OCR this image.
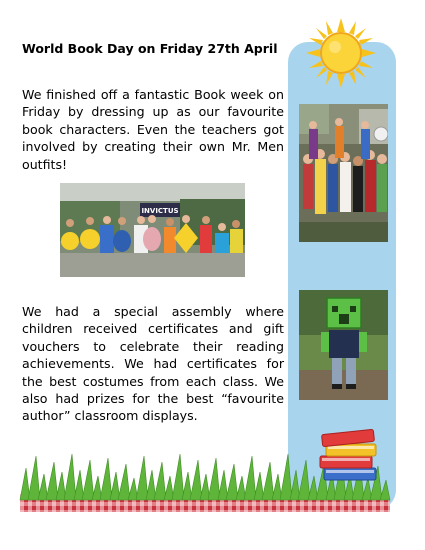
World Book Day on Friday 27th April
We finished off a fantastic Book week on Friday by dressing up as our favourite book characters. Even the teachers got involved by creating their own Mr. Men outfits!
We had a special assembly where children received certificates and gift vouchers to celebrate their reading achievements. We had certificates for the best costumes from each class. We also had prizes for the best “favourite author” classroom displays.
INVICTUS
